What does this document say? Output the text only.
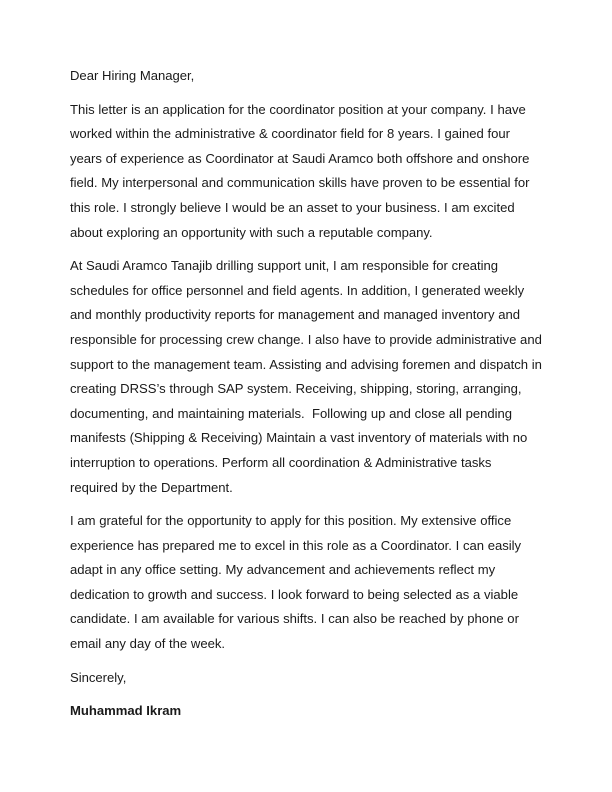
Dear Hiring Manager,

This letter is an application for the coordinator position at your company. I have worked within the administrative & coordinator field for 8 years. I gained four years of experience as Coordinator at Saudi Aramco both offshore and onshore field. My interpersonal and communication skills have proven to be essential for this role. I strongly believe I would be an asset to your business. I am excited about exploring an opportunity with such a reputable company.

At Saudi Aramco Tanajib drilling support unit, I am responsible for creating schedules for office personnel and field agents. In addition, I generated weekly and monthly productivity reports for management and managed inventory and responsible for processing crew change. I also have to provide administrative and support to the management team. Assisting and advising foremen and dispatch in creating DRSS’s through SAP system. Receiving, shipping, storing, arranging, documenting, and maintaining materials.  Following up and close all pending manifests (Shipping & Receiving) Maintain a vast inventory of materials with no interruption to operations. Perform all coordination & Administrative tasks required by the Department.

I am grateful for the opportunity to apply for this position. My extensive office experience has prepared me to excel in this role as a Coordinator. I can easily adapt in any office setting. My advancement and achievements reflect my dedication to growth and success. I look forward to being selected as a viable candidate. I am available for various shifts. I can also be reached by phone or email any day of the week.

Sincerely,

Muhammad Ikram
